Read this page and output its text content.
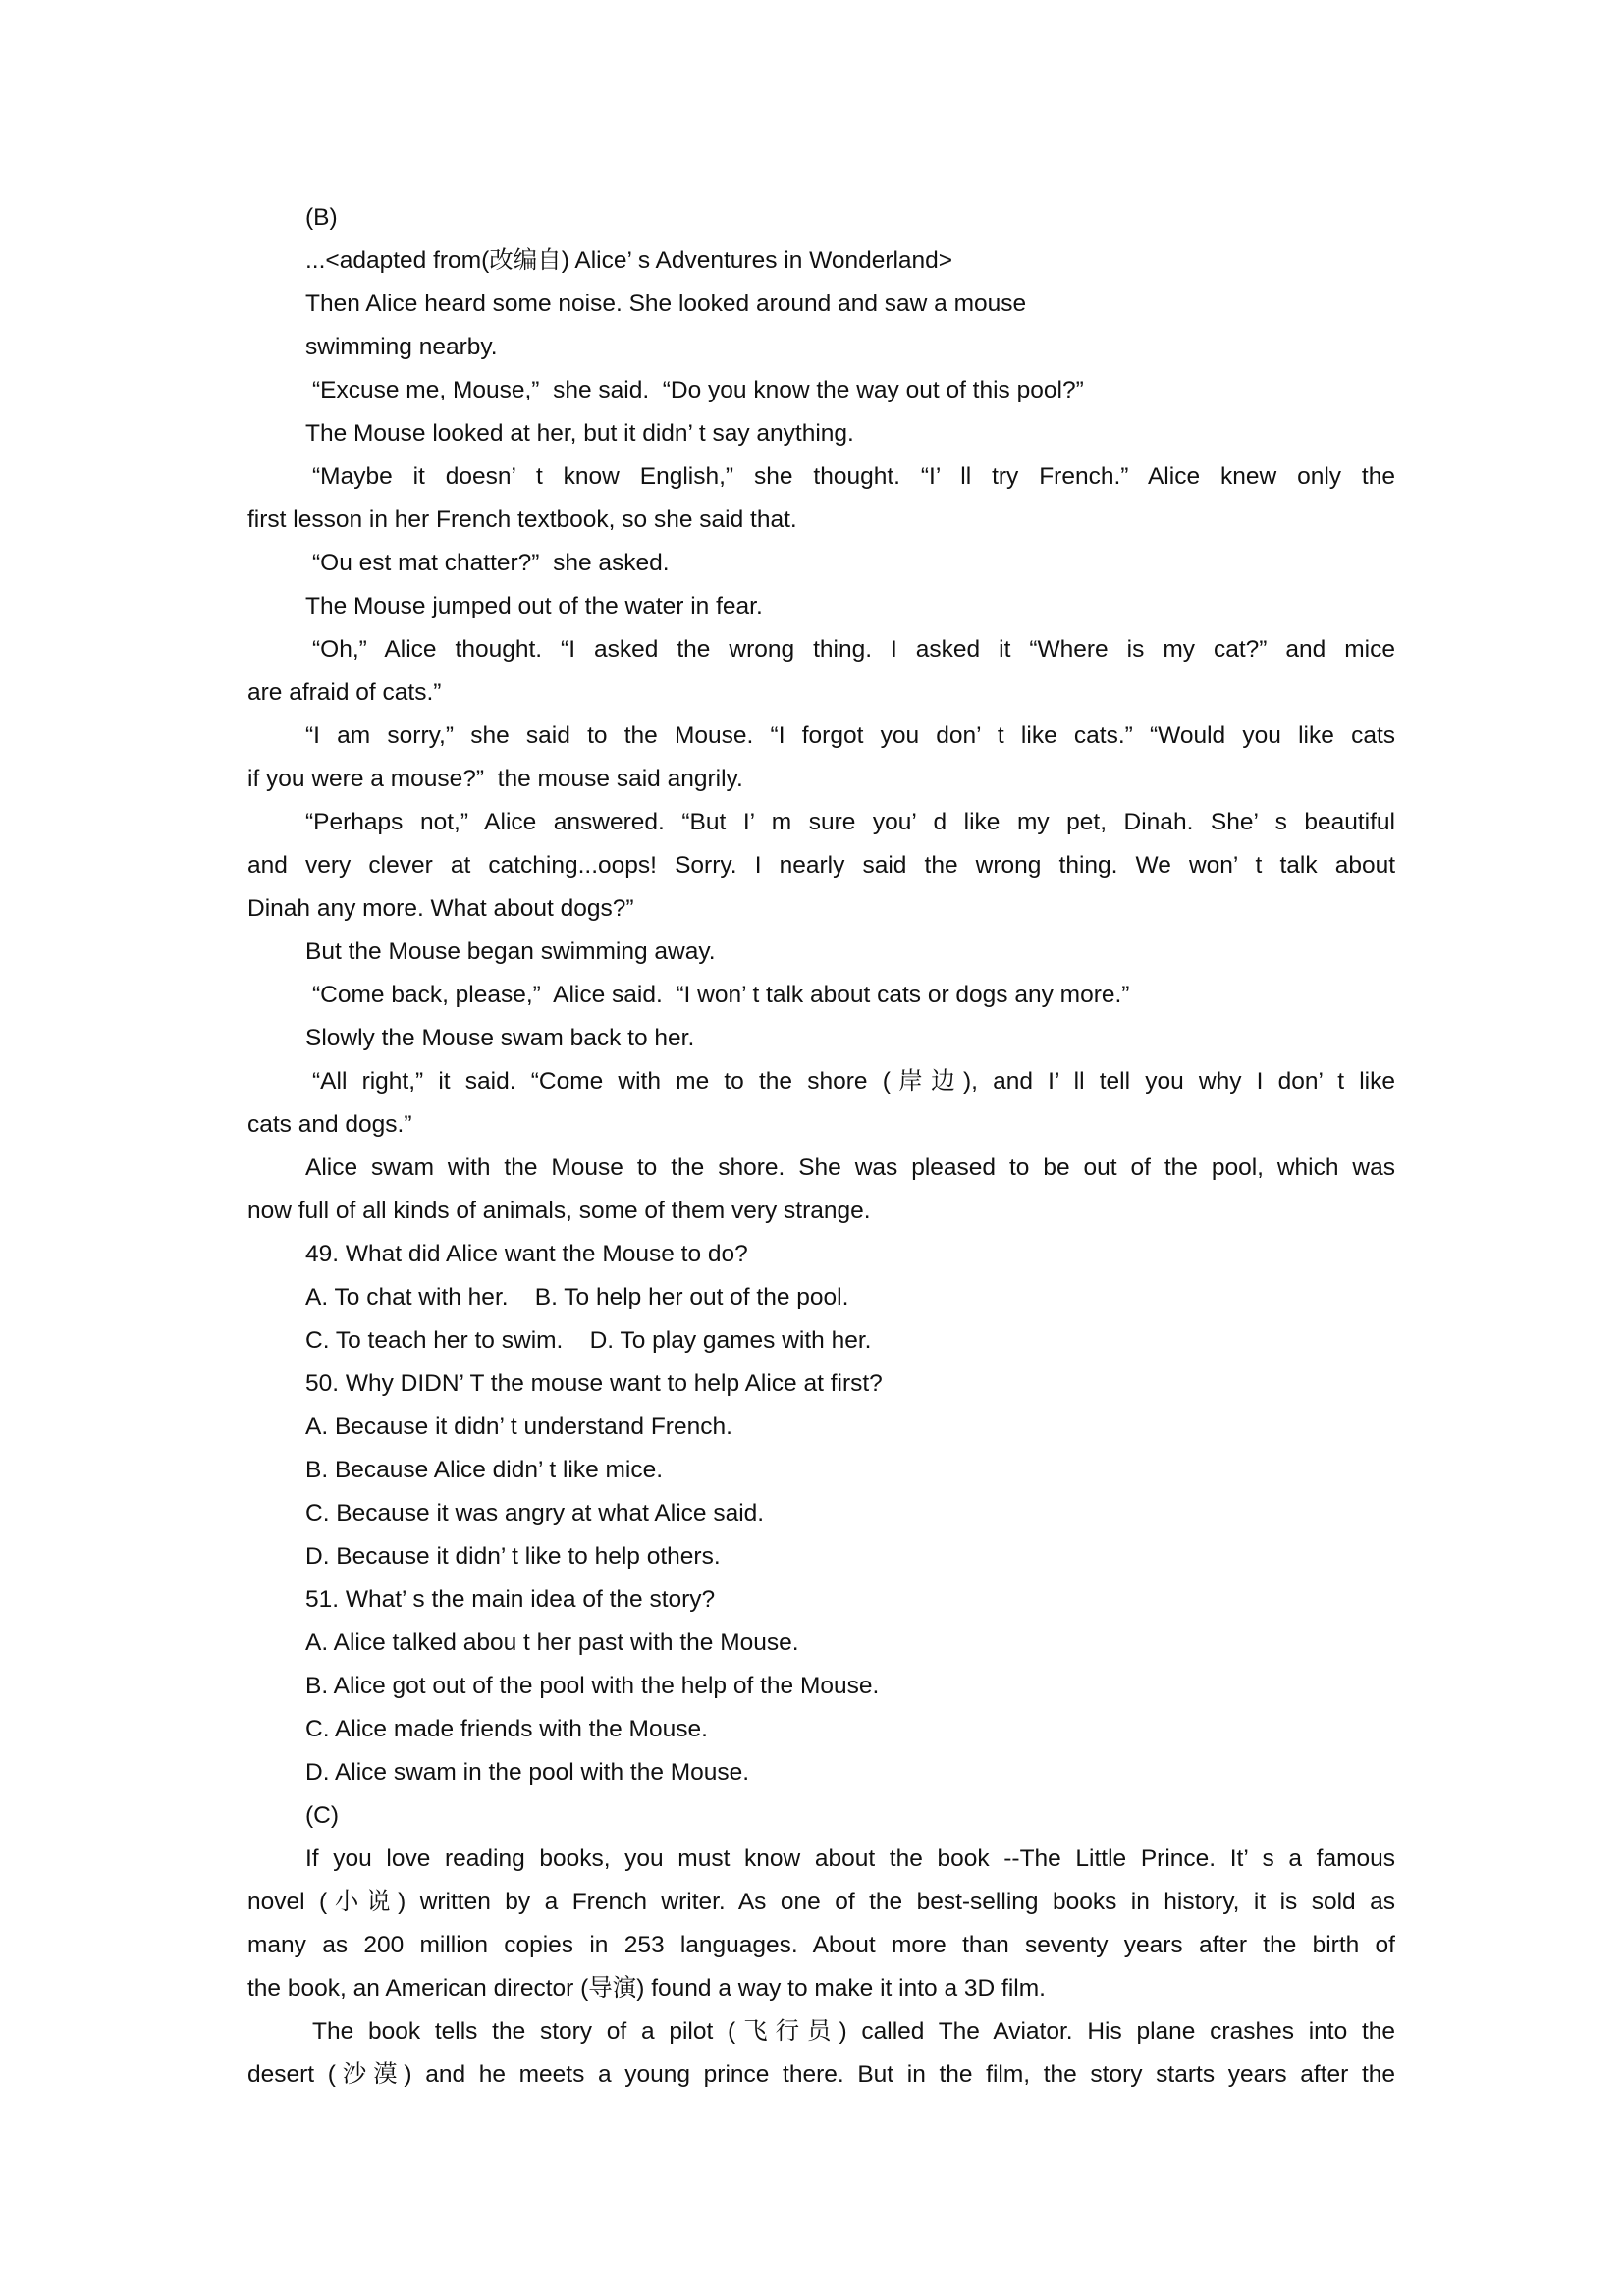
(B)
...<adapted from(改编自) Alice’ s Adventures in Wonderland>
Then Alice heard some noise. She looked around and saw a mouse
swimming nearby.
“Excuse me, Mouse,”  she said.  “Do you know the way out of this pool?”
The Mouse looked at her, but it didn’ t say anything.
“Maybe it doesn’ t know English,” she thought. “I’ ll try French.” Alice knew only the
first lesson in her French textbook, so she said that.
“Ou est mat chatter?”  she asked.
The Mouse jumped out of the water in fear.
“Oh,” Alice thought. “I asked the wrong thing. I asked it “Where is my cat?” and mice
are afraid of cats.”
“I am sorry,” she said to the Mouse. “I forgot you don’ t like cats.” “Would you like cats
if you were a mouse?”  the mouse said angrily.
“Perhaps not,” Alice answered. “But I’ m sure you’ d like my pet, Dinah. She’ s beautiful
and very clever at catching...oops! Sorry. I nearly said the wrong thing. We won’ t talk about
Dinah any more. What about dogs?”
But the Mouse began swimming away.
“Come back, please,”  Alice said.  “I won’ t talk about cats or dogs any more.”
Slowly the Mouse swam back to her.
“All right,” it said. “Come with me to the shore (岸边), and I’ ll tell you why I don’ t like
cats and dogs.”
Alice swam with the Mouse to the shore. She was pleased to be out of the pool, which was
now full of all kinds of animals, some of them very strange.
49. What did Alice want the Mouse to do?
A. To chat with her.    B. To help her out of the pool.
C. To teach her to swim.    D. To play games with her.
50. Why DIDN’ T the mouse want to help Alice at first?
A. Because it didn’ t understand French.
B. Because Alice didn’ t like mice.
C. Because it was angry at what Alice said.
D. Because it didn’ t like to help others.
51. What’ s the main idea of the story?
A. Alice talked abou t her past with the Mouse.
B. Alice got out of the pool with the help of the Mouse.
C. Alice made friends with the Mouse.
D. Alice swam in the pool with the Mouse.
(C)
If you love reading books, you must know about the book --The Little Prince. It’ s a famous
novel (小说) written by a French writer. As one of the best-selling books in history, it is sold as
many as 200 million copies in 253 languages. About more than seventy years after the birth of
the book, an American director (导演) found a way to make it into a 3D film.
The book tells the story of a pilot (飞行员) called The Aviator. His plane crashes into the
desert (沙漠) and he meets a young prince there. But in the film, the story starts years after the
